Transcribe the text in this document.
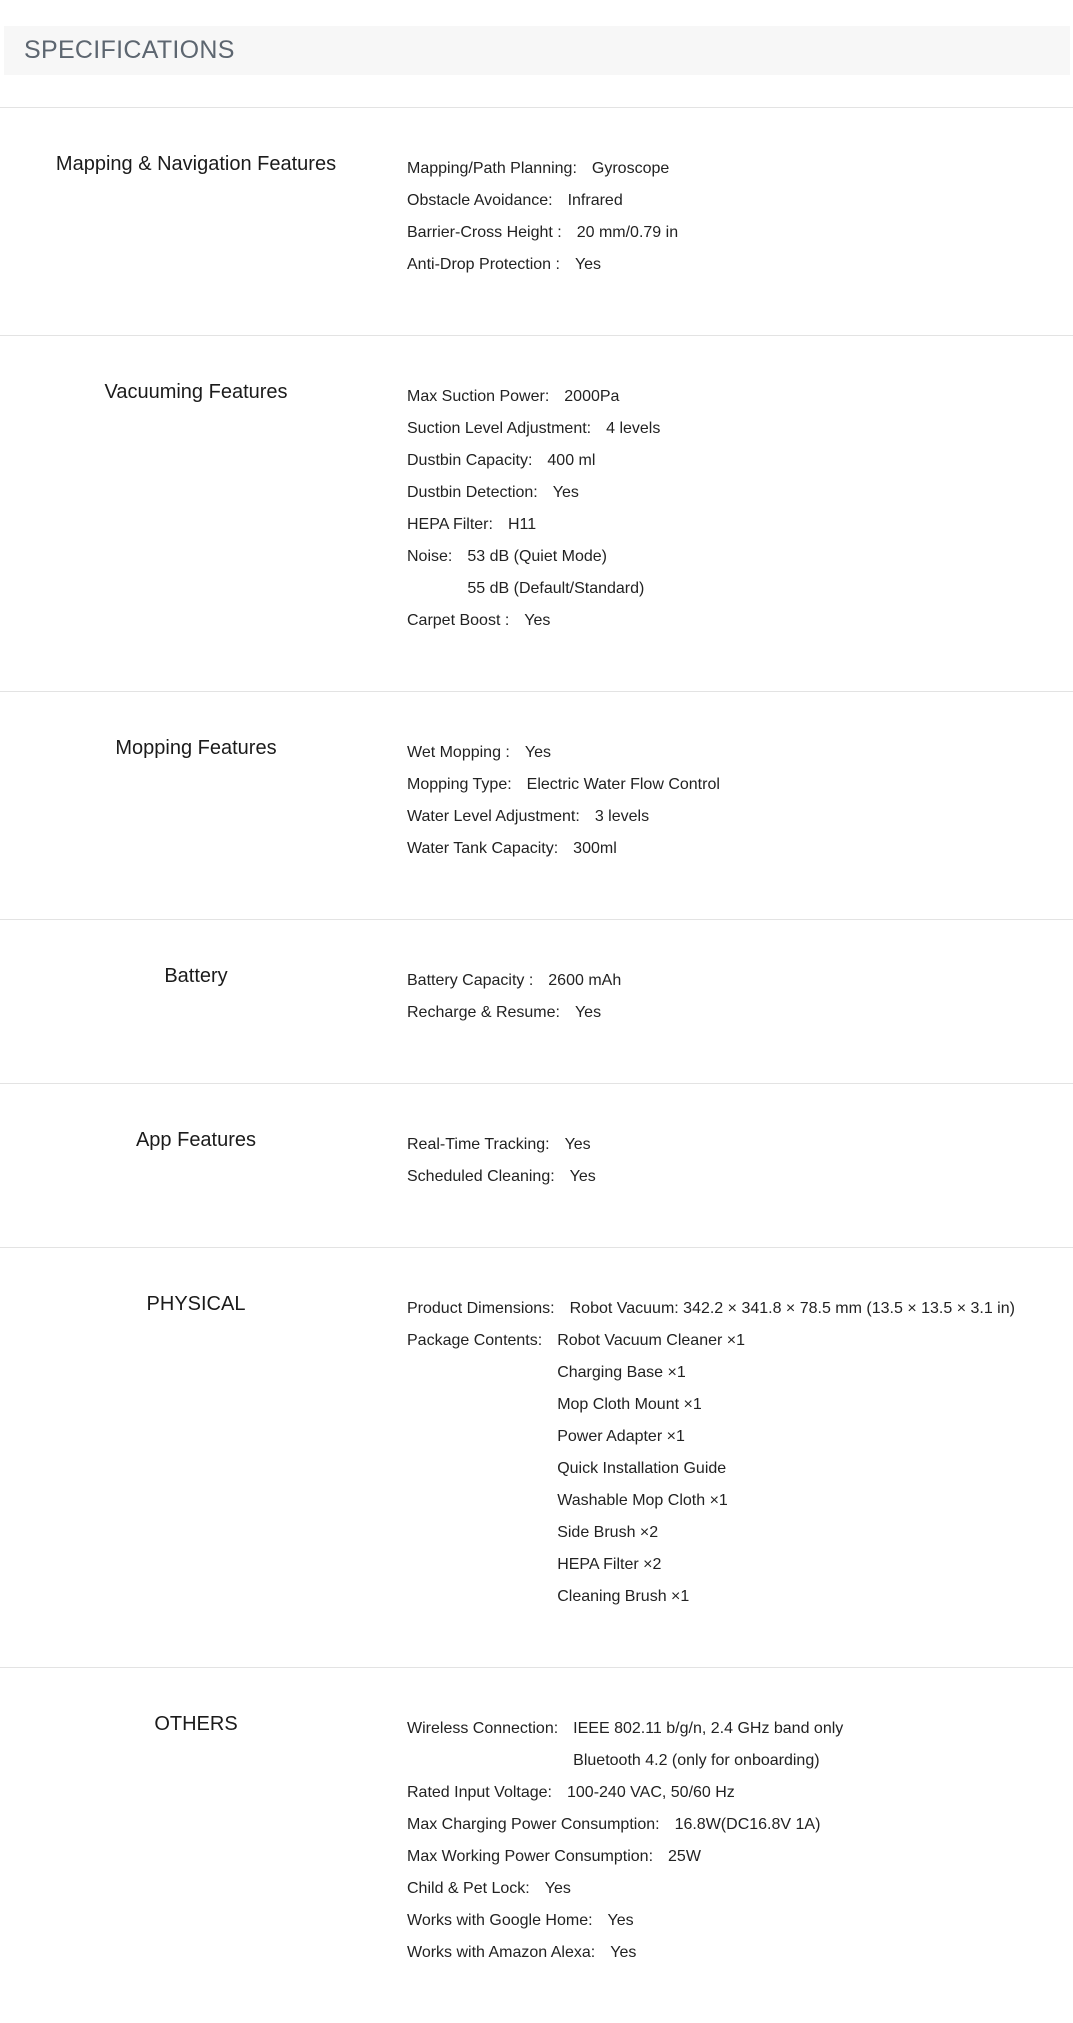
SPECIFICATIONS
Mapping & Navigation Features	Mapping/Path Planning: Gyroscope
Obstacle Avoidance: Infrared
Barrier-Cross Height : 20 mm/0.79 in
Anti-Drop Protection : Yes
Vacuuming Features	Max Suction Power: 2000Pa
Suction Level Adjustment: 4 levels
Dustbin Capacity: 400 ml
Dustbin Detection: Yes
HEPA Filter: H11
Noise: 53 dB (Quiet Mode)
55 dB (Default/Standard)
Carpet Boost : Yes
Mopping Features	Wet Mopping : Yes
Mopping Type: Electric Water Flow Control
Water Level Adjustment: 3 levels
Water Tank Capacity: 300ml
Battery	Battery Capacity : 2600 mAh
Recharge & Resume: Yes
App Features	Real-Time Tracking: Yes
Scheduled Cleaning: Yes
PHYSICAL	Product Dimensions: Robot Vacuum: 342.2 × 341.8 × 78.5 mm (13.5 × 13.5 × 3.1 in)
Package Contents: Robot Vacuum Cleaner ×1
Charging Base ×1
Mop Cloth Mount ×1
Power Adapter ×1
Quick Installation Guide
Washable Mop Cloth ×1
Side Brush ×2
HEPA Filter ×2
Cleaning Brush ×1
OTHERS	Wireless Connection: IEEE 802.11 b/g/n, 2.4 GHz band only
Bluetooth 4.2 (only for onboarding)
Rated Input Voltage: 100-240 VAC, 50/60 Hz
Max Charging Power Consumption: 16.8W(DC16.8V 1A)
Max Working Power Consumption: 25W
Child & Pet Lock: Yes
Works with Google Home: Yes
Works with Amazon Alexa: Yes
